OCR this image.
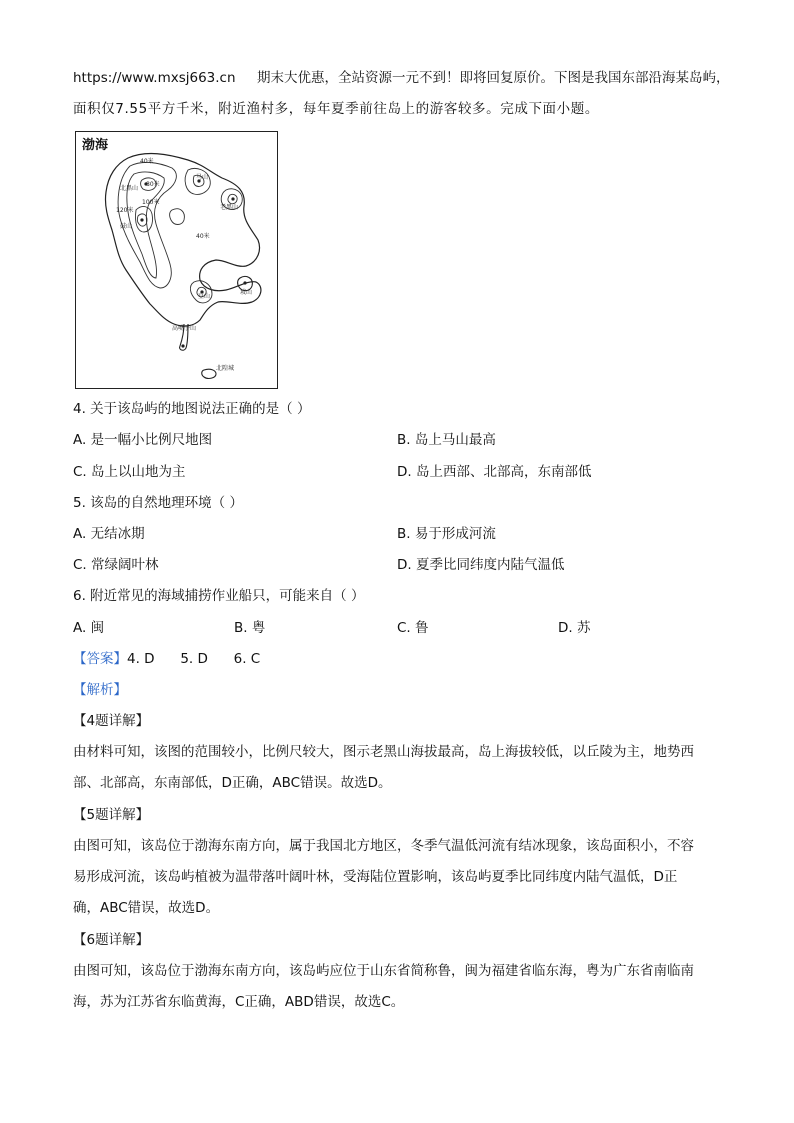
https://www.mxsj663.cn 期末大优惠，全站资源一元不到！即将回复原价。下图是我国东部沿海某岛屿，
面积仅7.55平方千米，附近渔村多，每年夏季前往岛上的游客较多。完成下面小题。
渤海
40米
80米
120米
100米
40米
北黑山
马山
老黑山
鼓山
豆山
坡山
高嘴子山
北隍城
4. 关于该岛屿的地图说法正确的是（ ）
A. 是一幅小比例尺地图	B. 岛上马山最高
C. 岛上以山地为主	D. 岛上西部、北部高，东南部低
5. 该岛的自然地理环境（ ）
A. 无结冰期	B. 易于形成河流
C. 常绿阔叶林	D. 夏季比同纬度内陆气温低
6. 附近常见的海域捕捞作业船只，可能来自（ ）
A. 闽	B. 粤	C. 鲁	D. 苏
【答案】4. D      5. D      6. C
【解析】
【4题详解】
由材料可知，该图的范围较小，比例尺较大，图示老黑山海拔最高，岛上海拔较低，以丘陵为主，地势西
部、北部高，东南部低，D正确，ABC错误。故选D。
【5题详解】
由图可知，该岛位于渤海东南方向，属于我国北方地区，冬季气温低河流有结冰现象，该岛面积小，不容
易形成河流，该岛屿植被为温带落叶阔叶林，受海陆位置影响，该岛屿夏季比同纬度内陆气温低，D正
确，ABC错误，故选D。
【6题详解】
由图可知，该岛位于渤海东南方向，该岛屿应位于山东省简称鲁，闽为福建省临东海，粤为广东省南临南
海，苏为江苏省东临黄海，C正确，ABD错误，故选C。
